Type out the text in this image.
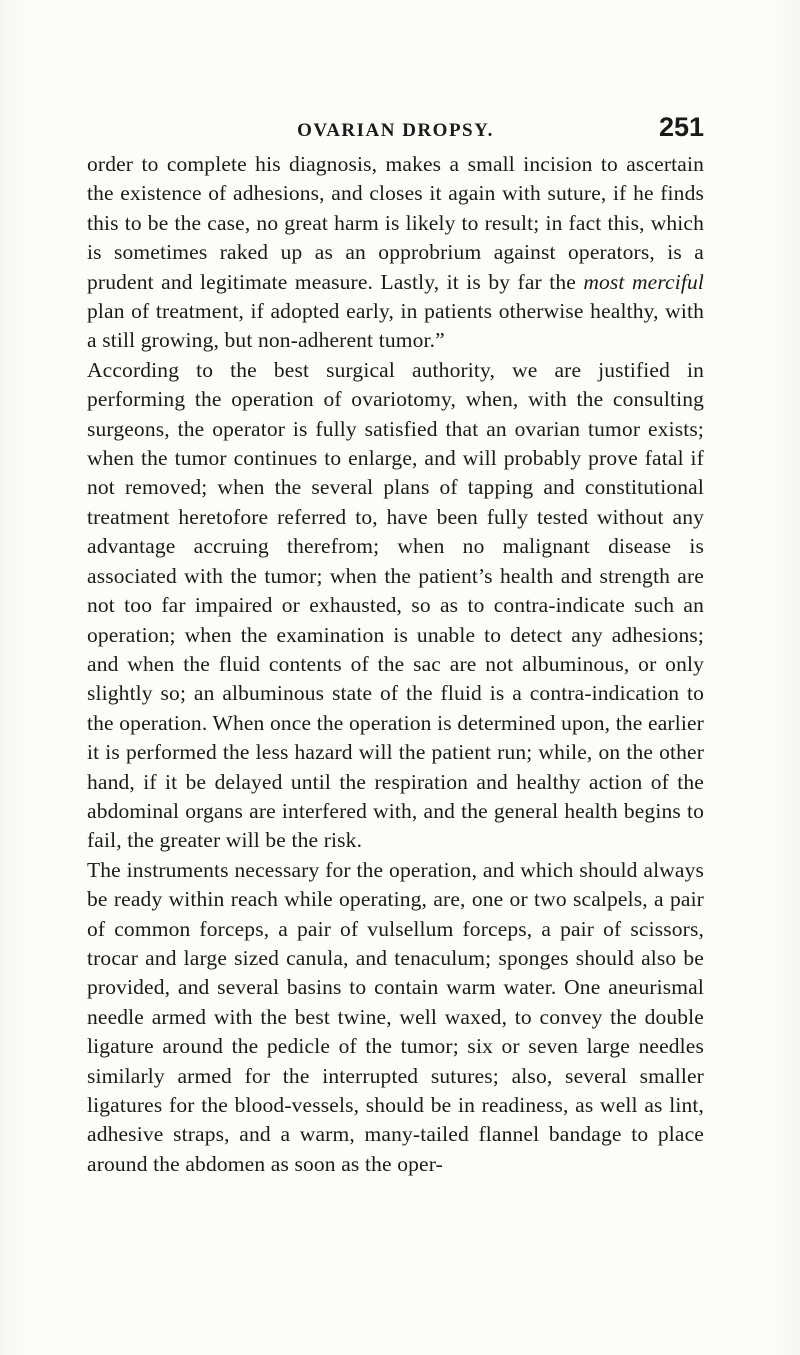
OVARIAN DROPSY.	251

order to complete his diagnosis, makes a small incision to ascertain the existence of adhesions, and closes it again with suture, if he finds this to be the case, no great harm is likely to result; in fact this, which is sometimes raked up as an opprobrium against operators, is a prudent and legitimate measure. Lastly, it is by far the most merciful plan of treatment, if adopted early, in patients otherwise healthy, with a still growing, but non-adherent tumor.”

According to the best surgical authority, we are justified in performing the operation of ovariotomy, when, with the consulting surgeons, the operator is fully satisfied that an ovarian tumor exists; when the tumor continues to enlarge, and will probably prove fatal if not removed; when the several plans of tapping and constitutional treatment heretofore referred to, have been fully tested without any advantage accruing therefrom; when no malignant disease is associated with the tumor; when the patient’s health and strength are not too far impaired or exhausted, so as to contra-indicate such an operation; when the examination is unable to detect any adhesions; and when the fluid contents of the sac are not albuminous, or only slightly so; an albuminous state of the fluid is a contra-indication to the operation. When once the operation is determined upon, the earlier it is performed the less hazard will the patient run; while, on the other hand, if it be delayed until the respiration and healthy action of the abdominal organs are interfered with, and the general health begins to fail, the greater will be the risk.

The instruments necessary for the operation, and which should always be ready within reach while operating, are, one or two scalpels, a pair of common forceps, a pair of vulsellum forceps, a pair of scissors, trocar and large sized canula, and tenaculum; sponges should also be provided, and several basins to contain warm water. One aneurismal needle armed with the best twine, well waxed, to convey the double ligature around the pedicle of the tumor; six or seven large needles similarly armed for the interrupted sutures; also, several smaller ligatures for the blood-vessels, should be in readiness, as well as lint, adhesive straps, and a warm, many-tailed flannel bandage to place around the abdomen as soon as the oper-
